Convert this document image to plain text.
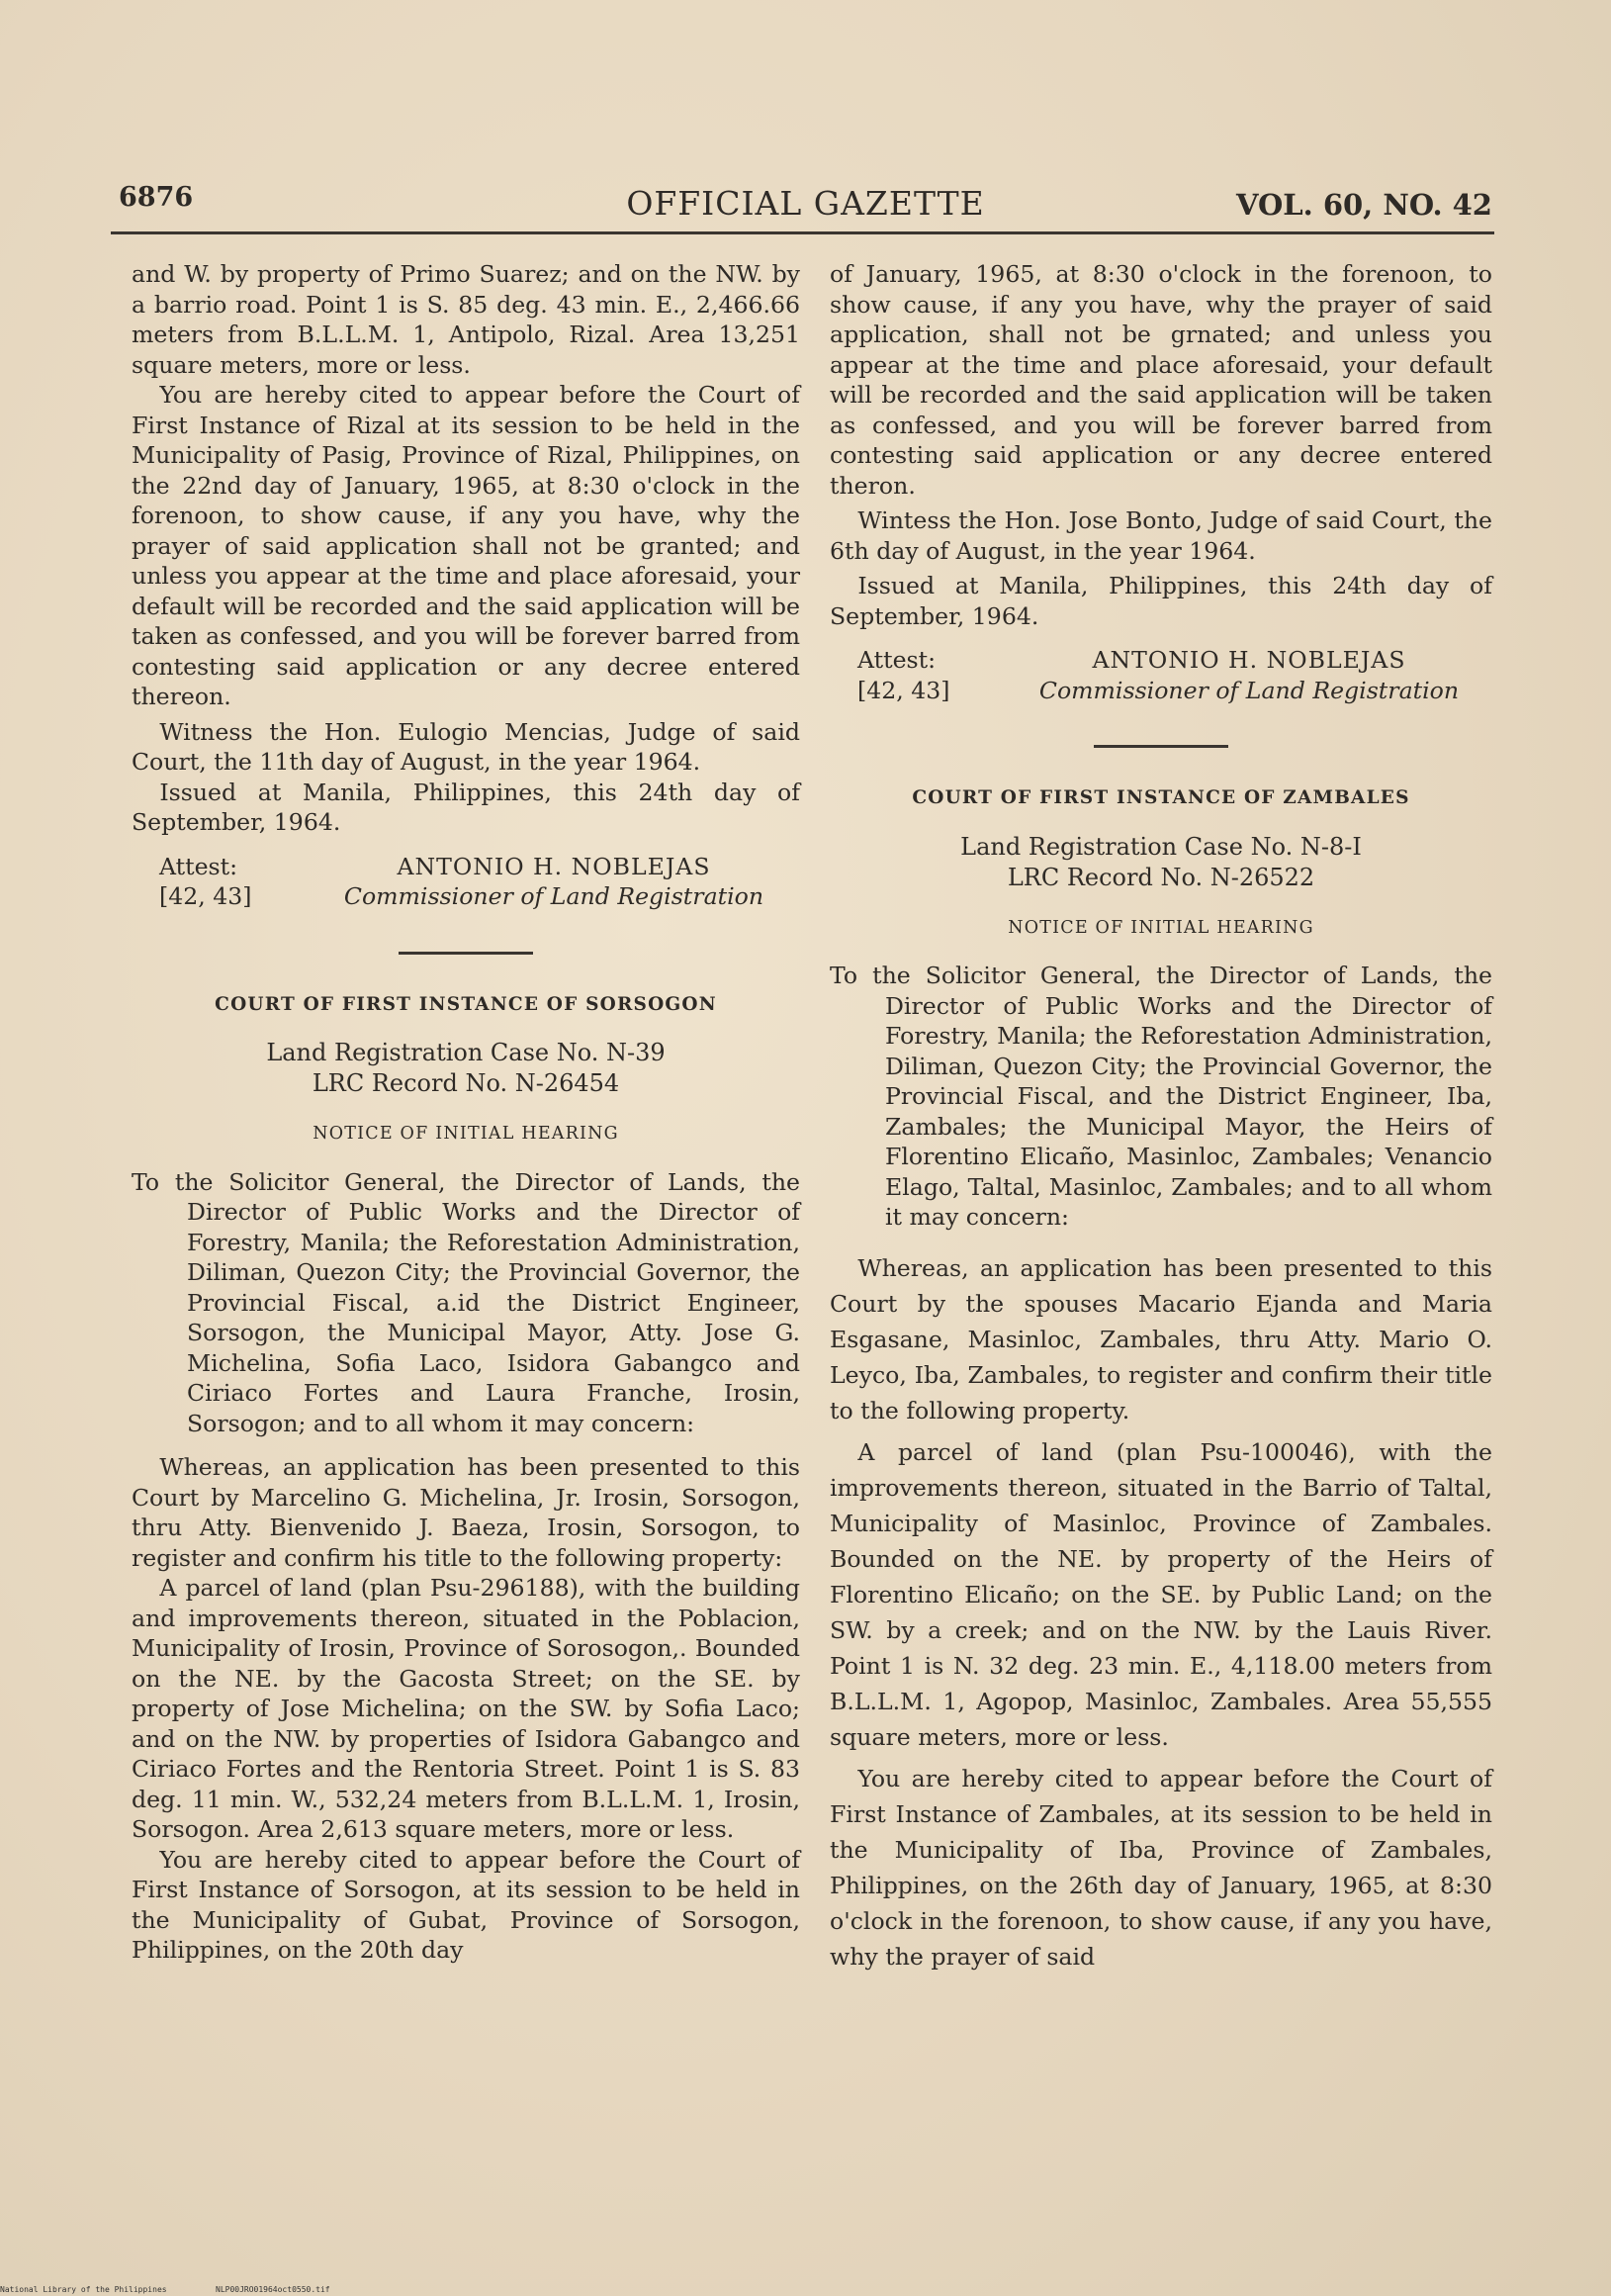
6876	OFFICIAL GAZETTE	VOL. 60, NO. 42

and W. by property of Primo Suarez; and on the NW. by a barrio road. Point 1 is S. 85 deg. 43 min. E., 2,466.66 meters from B.L.L.M. 1, Antipolo, Rizal. Area 13,251 square meters, more or less.

You are hereby cited to appear before the Court of First Instance of Rizal at its session to be held in the Municipality of Pasig, Province of Rizal, Philippines, on the 22nd day of January, 1965, at 8:30 o'clock in the forenoon, to show cause, if any you have, why the prayer of said application shall not be granted; and unless you appear at the time and place aforesaid, your default will be recorded and the said application will be taken as confessed, and you will be forever barred from contesting said application or any decree entered thereon.

Witness the Hon. Eulogio Mencias, Judge of said Court, the 11th day of August, in the year 1964.

Issued at Manila, Philippines, this 24th day of September, 1964.

Attest:
[42, 43]
ANTONIO H. NOBLEJAS
Commissioner of Land Registration
COURT OF FIRST INSTANCE OF SORSOGON
Land Registration Case No. N-39
LRC Record No. N-26454
NOTICE OF INITIAL HEARING

To the Solicitor General, the Director of Lands, the Director of Public Works and the Director of Forestry, Manila; the Reforestation Administration, Diliman, Quezon City; the Provincial Governor, the Provincial Fiscal, a.id the District Engineer, Sorsogon, the Municipal Mayor, Atty. Jose G. Michelina, Sofia Laco, Isidora Gabangco and Ciriaco Fortes and Laura Franche, Irosin, Sorsogon; and to all whom it may concern:

Whereas, an application has been presented to this Court by Marcelino G. Michelina, Jr. Irosin, Sorsogon, thru Atty. Bienvenido J. Baeza, Irosin, Sorsogon, to register and confirm his title to the following property:

A parcel of land (plan Psu-296188), with the building and improvements thereon, situated in the Poblacion, Municipality of Irosin, Province of Sorosogon,. Bounded on the NE. by the Gacosta Street; on the SE. by property of Jose Michelina; on the SW. by Sofia Laco; and on the NW. by properties of Isidora Gabangco and Ciriaco Fortes and the Rentoria Street. Point 1 is S. 83 deg. 11 min. W., 532,24 meters from B.L.L.M. 1, Irosin, Sorsogon. Area 2,613 square meters, more or less.

You are hereby cited to appear before the Court of First Instance of Sorsogon, at its session to be held in the Municipality of Gubat, Province of Sorsogon, Philippines, on the 20th day

of January, 1965, at 8:30 o'clock in the forenoon, to show cause, if any you have, why the prayer of said application, shall not be grnated; and unless you appear at the time and place aforesaid, your default will be recorded and the said application will be taken as confessed, and you will be forever barred from contesting said application or any decree entered theron.

Wintess the Hon. Jose Bonto, Judge of said Court, the 6th day of August, in the year 1964.

Issued at Manila, Philippines, this 24th day of September, 1964.

Attest:
[42, 43]
ANTONIO H. NOBLEJAS
Commissioner of Land Registration
COURT OF FIRST INSTANCE OF ZAMBALES
Land Registration Case No. N-8-I
LRC Record No. N-26522
NOTICE OF INITIAL HEARING

To the Solicitor General, the Director of Lands, the Director of Public Works and the Director of Forestry, Manila; the Reforestation Administration, Diliman, Quezon City; the Provincial Governor, the Provincial Fiscal, and the District Engineer, Iba, Zambales; the Municipal Mayor, the Heirs of Florentino Elicaño, Masinloc, Zambales; Venancio Elago, Taltal, Masinloc, Zambales; and to all whom it may concern:

Whereas, an application has been presented to this Court by the spouses Macario Ejanda and Maria Esgasane, Masinloc, Zambales, thru Atty. Mario O. Leyco, Iba, Zambales, to register and confirm their title to the following property.

A parcel of land (plan Psu-100046), with the improvements thereon, situated in the Barrio of Taltal, Municipality of Masinloc, Province of Zambales. Bounded on the NE. by property of the Heirs of Florentino Elicaño; on the SE. by Public Land; on the SW. by a creek; and on the NW. by the Lauis River. Point 1 is N. 32 deg. 23 min. E., 4,118.00 meters from B.L.L.M. 1, Agopop, Masinloc, Zambales. Area 55,555 square meters, more or less.

You are hereby cited to appear before the Court of First Instance of Zambales, at its session to be held in the Municipality of Iba, Province of Zambales, Philippines, on the 26th day of January, 1965, at 8:30 o'clock in the forenoon, to show cause, if any you have, why the prayer of said

National Library of the Philippines	NLP00JRO01964oct0550.tif
